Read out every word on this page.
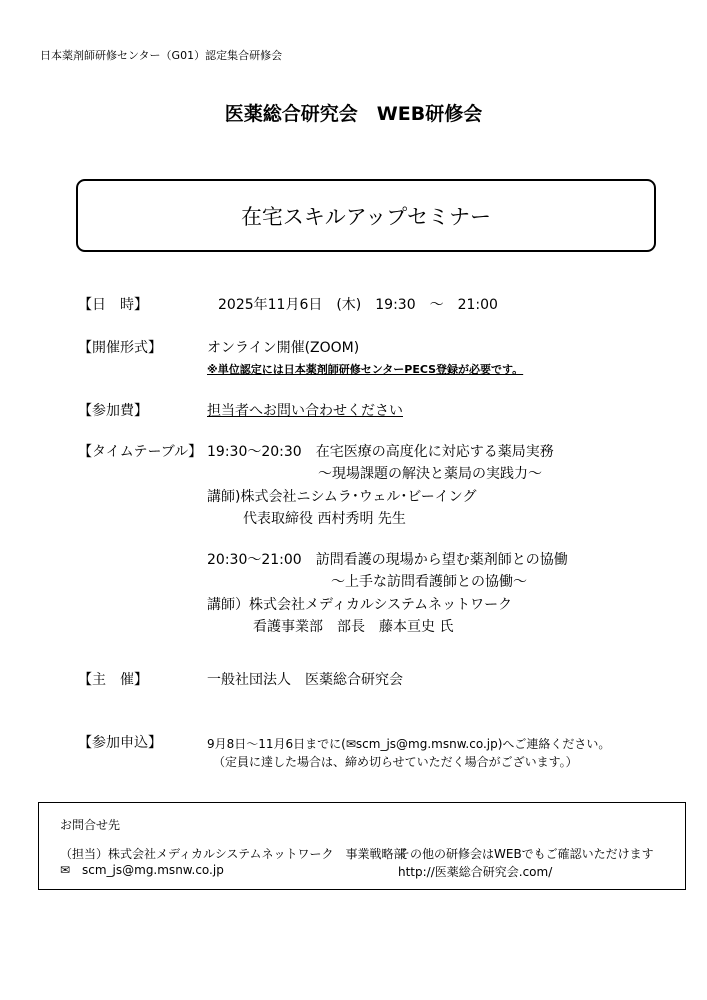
日本薬剤師研修センター（G01）認定集合研修会
医薬総合研究会　WEB研修会
在宅スキルアップセミナー
【日　時】	2025年11月6日　(木)　19:30　～　21:00
【開催形式】	オンライン開催(ZOOM)
※単位認定には日本薬剤師研修センターPECS登録が必要です。
【参加費】	担当者へお問い合わせください
【タイムテーブル】 19:30～20:30　在宅医療の高度化に対応する薬局実務
～現場課題の解決と薬局の実践力～
講師)株式会社ニシムラ･ウェル･ビーイング
代表取締役 西村秀明 先生
20:30～21:00　訪問看護の現場から望む薬剤師との協働
～上手な訪問看護師との協働～
講師）株式会社メディカルシステムネットワーク
看護事業部　部長　藤本亘史 氏
【主　催】	一般社団法人　医薬総合研究会
【参加申込】	9月8日～11月6日までに(✉scm_js@mg.msnw.co.jp)へご連絡ください。
（定員に達した場合は、締め切らせていただく場合がございます。）
お問合せ先
（担当）株式会社メディカルシステムネットワーク　事業戦略部
✉ scm_js@mg.msnw.co.jp
その他の研修会はWEBでもご確認いただけます
http://医薬総合研究会.com/
